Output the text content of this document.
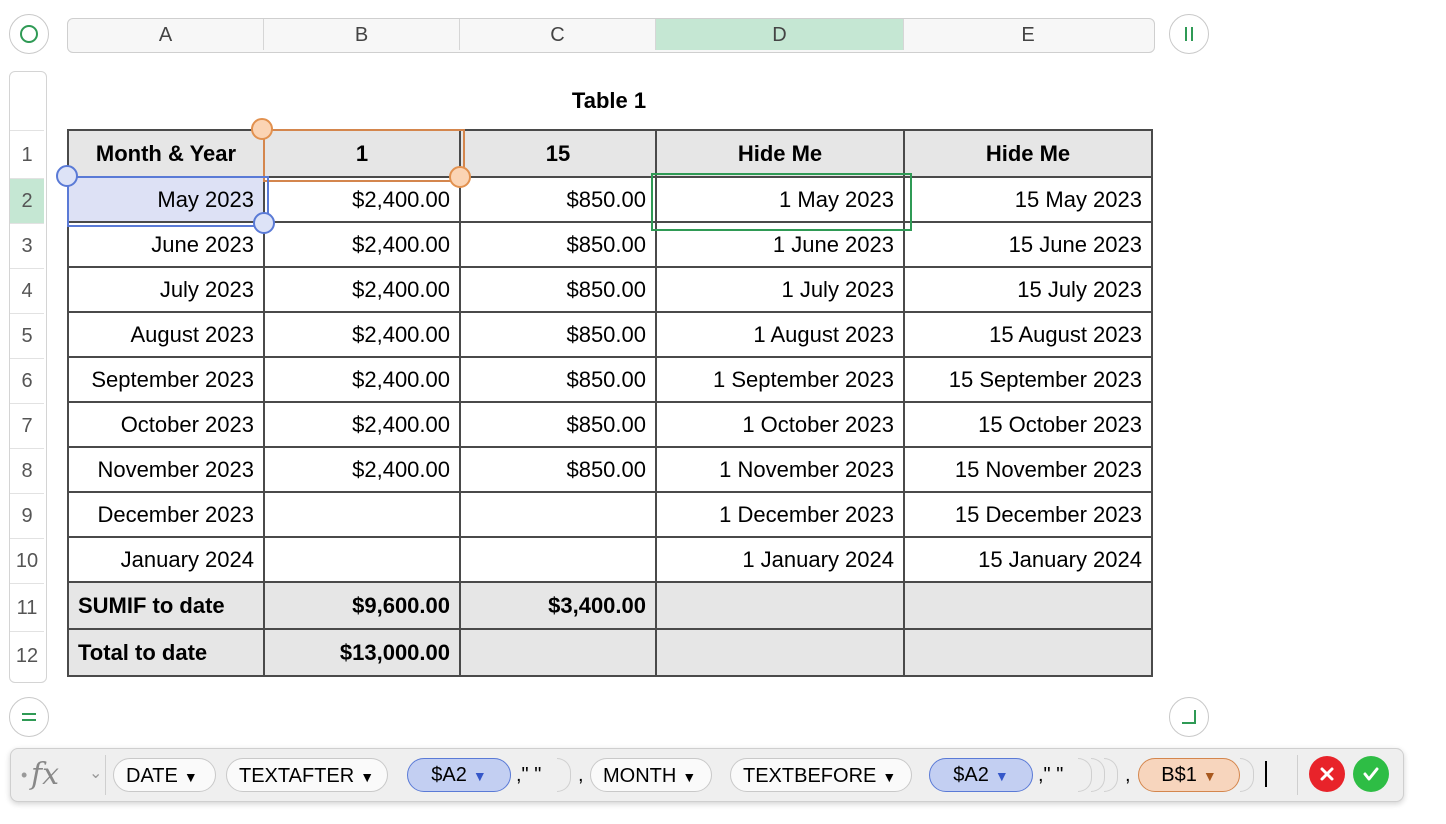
A	B	C	D	E
1
2
3
4
5
6
7
8
9
10
11
12
Table 1
Month & Year	1	15	Hide Me	Hide Me
May 2023	$2,400.00	$850.00	1 May 2023	15 May 2023
June 2023	$2,400.00	$850.00	1 June 2023	15 June 2023
July 2023	$2,400.00	$850.00	1 July 2023	15 July 2023
August 2023	$2,400.00	$850.00	1 August 2023	15 August 2023
September 2023	$2,400.00	$850.00	1 September 2023	15 September 2023
October 2023	$2,400.00	$850.00	1 October 2023	15 October 2023
November 2023	$2,400.00	$850.00	1 November 2023	15 November 2023
December 2023			1 December 2023	15 December 2023
January 2024			1 January 2024	15 January 2024
SUMIF to date	$9,600.00	$3,400.00		
Total to date	$13,000.00			
• fx ⌄	DATE ▼	TEXTAFTER ▼	$A2 ▼	," " , MONTH ▼	TEXTBEFORE ▼	$A2 ▼	," "	,	B$1 ▼
